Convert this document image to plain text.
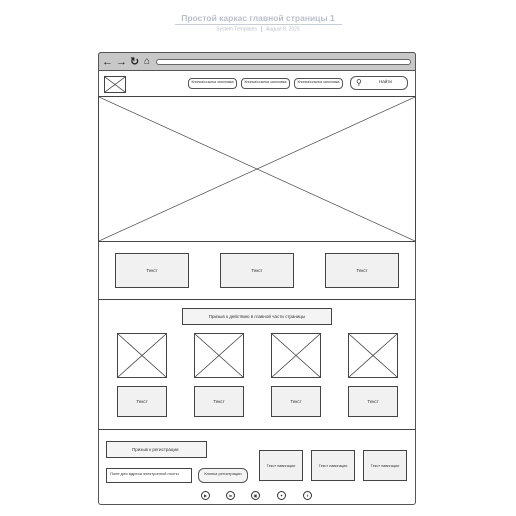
Простой каркас главной страницы 1
System Templates August 8, 2025
← → ↻ ⌂
Кнопка/ссылка заголовка	Кнопка/ссылка заголовка	Кнопка/ссылка заголовка	⚲	Найти
Текст	Текст	Текст
Призыв к действию в главной части страницы
Текст	Текст	Текст	Текст
Призыв к регистрации
Поле для адреса электронной почты	Кнопка регистрации
Текст навигации	Текст навигации	Текст навигации
▶	in	▣	✦	f
